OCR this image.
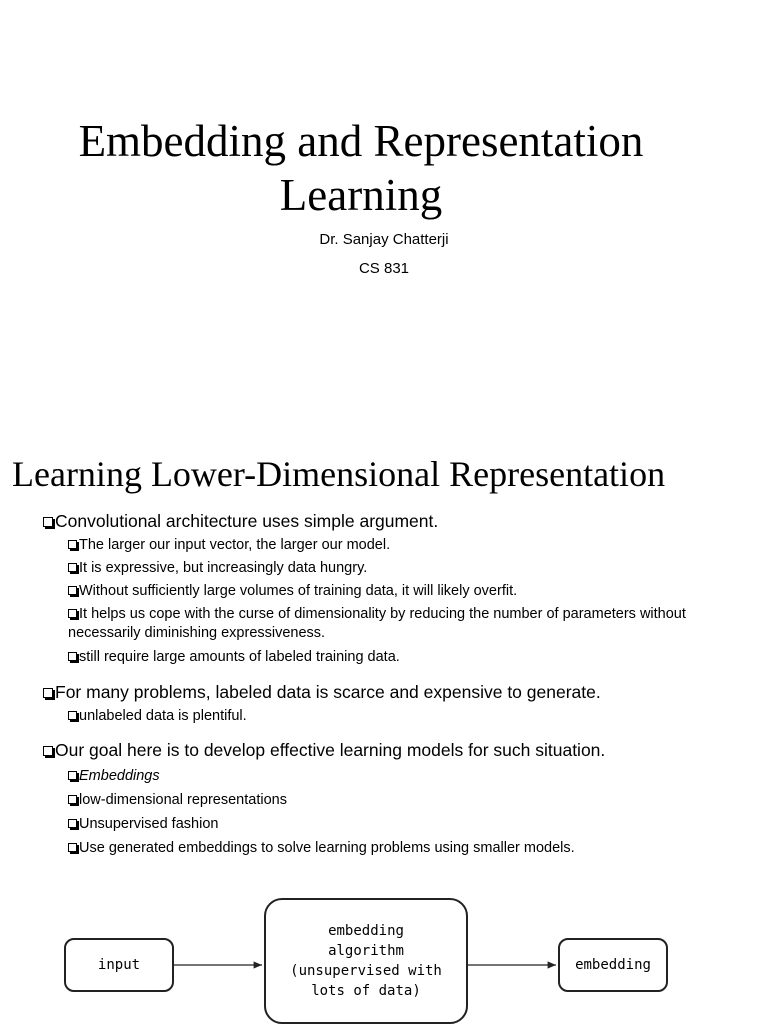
Embedding and Representation
Learning
Dr. Sanjay Chatterji
CS 831
Learning Lower-Dimensional Representation
Convolutional architecture uses simple argument.
The larger our input vector, the larger our model.
It is expressive, but increasingly data hungry.
Without sufficiently large volumes of training data, it will likely overfit.
It helps us cope with the curse of dimensionality by reducing the number of parameters without necessarily diminishing expressiveness.
still require large amounts of labeled training data.
For many problems, labeled data is scarce and expensive to generate.
unlabeled data is plentiful.
Our goal here is to develop effective learning models for such situation.
Embeddings
low-dimensional representations
Unsupervised fashion
Use generated embeddings to solve learning problems using smaller models.
input
embedding
algorithm
(unsupervised with
lots of data)
embedding
